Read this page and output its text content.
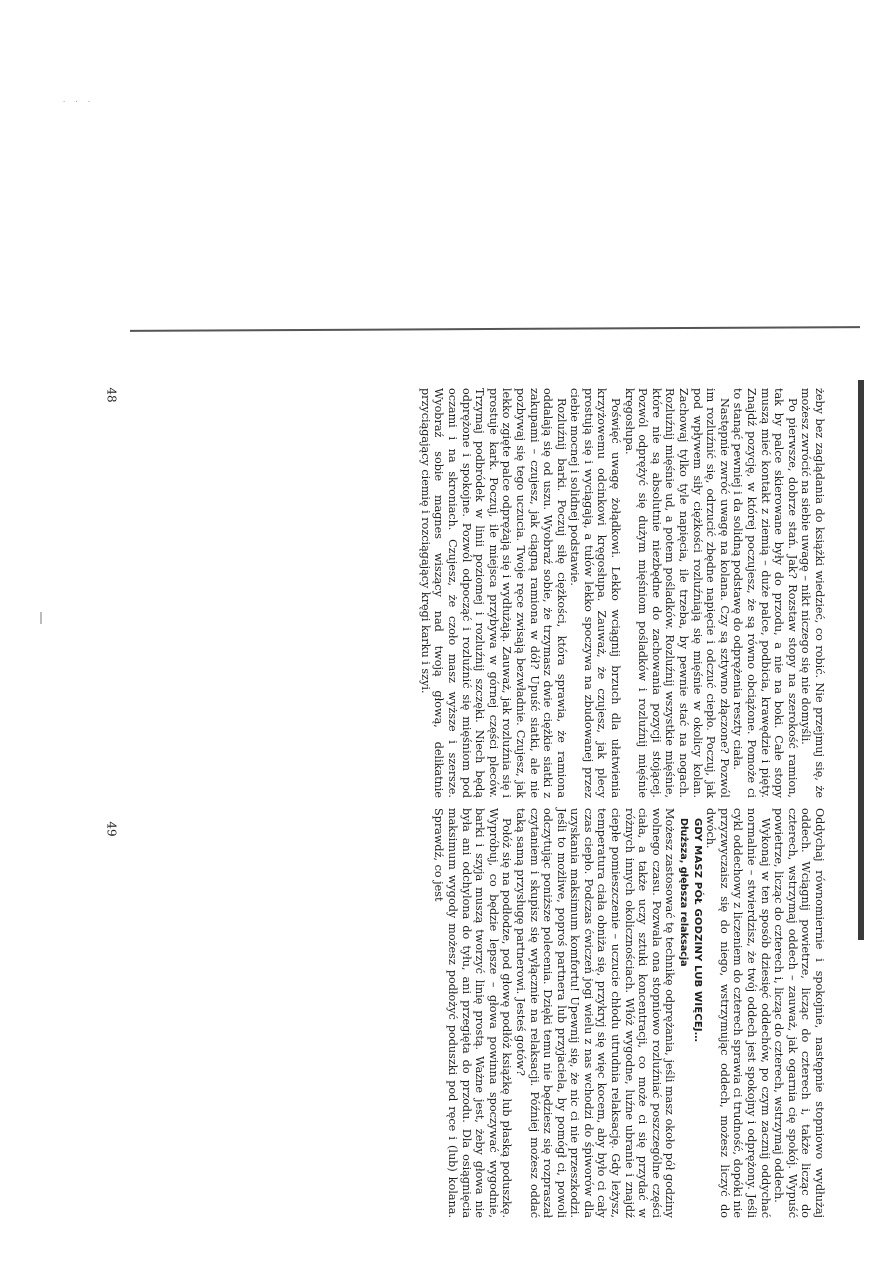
· · ·

żeby bez zaglądania do książki wiedzieć, co robić. Nie przejmuj się, że możesz zwrócić na siebie uwagę – nikt niczego się nie domyśli.

Po pierwsze, dobrze stań. Jak? Rozstaw stopy na szerokość ramion, tak by palce skierowane były do przodu, a nie na boki. Całe stopy muszą mieć kontakt z ziemią – duże palce, podbicia, krawędzie i pięty. Znajdź pozycję, w której poczujesz, że są równo obciążone. Pomoże ci to stanąć pewniej i da solidną podstawę do odprężenia reszty ciała.

Następnie zwróć uwagę na kolana. Czy są sztywno złączone? Pozwól im rozluźnić się, odrzucić zbędne napięcie i odczuć ciepło. Poczuj, jak pod wpływem siły ciężkości rozluźniają się mięśnie w okolicy kolan. Zachowaj tylko tyle napięcia, ile trzeba, by pewnie stać na nogach. Rozluźnij mięśnie ud, a potem pośladków. Rozluźnij wszystkie mięśnie, które nie są absolutnie niezbędne do zachowania pozycji stojącej. Pozwól odprężyć się dużym mięśniom pośladków i rozluźnij mięśnie kręgosłupa.

Poświęć uwagę żołądkowi. Lekko wciągnij brzuch dla ułatwienia krzyżowemu odcinkowi kręgosłupa. Zauważ, że czujesz, jak plecy prostują się i wyciągają, a tułów lekko spoczywa na zbudowanej przez ciebie mocnej i solidnej podstawie.

Rozluźnij barki. Poczuj siłę ciężkości, która sprawia, że ramiona oddalają się od uszu. Wyobraź sobie, że trzymasz dwie ciężkie siatki z zakupami – czujesz, jak ciągną ramiona w dół? Upuść siatki, ale nie pozbywaj się tego uczucia. Twoje ręce zwisają bezwładnie. Czujesz, jak lekko zgięte palce odprężają się i wydłużają. Zauważ, jak rozluźnia się i prostuje kark. Poczuj, ile miejsca przybywa w górnej części pleców. Trzymaj podbródek w linii poziomej i rozluźnij szczęki. Niech będą odprężone i spokojne. Pozwól odpocząć i rozluźnić się mięśniom pod oczami i na skroniach. Czujesz, że czoło masz wyższe i szersze. Wyobraź sobie magnes wiszący nad twoją głową, delikatnie przyciągający ciemię i rozciągający kręgi karku i szyi.

Oddychaj równomiernie i spokojnie, następnie stopniowo wydłużaj oddech. Wciągnij powietrze, licząc do czterech i, także licząc do czterech, wstrzymaj oddech – zauważ, jak ogarnia cię spokój. Wypuść powietrze, licząc do czterech i, licząc do czterech, wstrzymaj oddech.

Wykonaj w ten sposób dziesięć oddechów, po czym zacznij oddychać normalnie – stwierdzisz, że twój oddech jest spokojny i odprężony. Jeśli cykl oddechowy z liczeniem do czterech sprawia ci trudność, dopóki nie przyzwyczaisz się do niego, wstrzymując oddech, możesz liczyć do dwóch.

GDY MASZ PÓŁ GODZINY LUB WIĘCEJ…

Dłuższa, głębsza relaksacja

Możesz zastosować tę technikę odprężania, jeśli masz około pół godziny wolnego czasu. Pozwala ona stopniowo rozluźniać poszczególne części ciała, a także uczy sztuki koncentracji, co może ci się przydać w różnych innych okolicznościach. Włóż wygodne, luźne ubranie i znajdź ciepłe pomieszczenie – uczucie chłodu utrudnia relaksację. Gdy leżysz, temperatura ciała obniża się, przykryj się więc kocem, aby było ci cały czas ciepło. Podczas ćwiczeń jogi wielu z nas wchodzi do śpiworów dla uzyskania maksimum komfortu! Upewnij się, że nic ci nie przeszkodzi. Jeśli to możliwe, poproś partnera lub przyjaciela, by pomógł ci, powoli odczytując poniższe polecenia. Dzięki temu nie będziesz się rozpraszał czytaniem i skupisz się wyłącznie na relaksacji. Później możesz oddać taką samą przysługę partnerowi. Jesteś gotów?

Połóż się na podłodze, pod głowę podłóż książkę lub płaską poduszkę. Wypróbuj, co będzie lepsze – głowa powinna spoczywać wygodnie, barki i szyja muszą tworzyć linię prostą. Ważne jest, żeby głowa nie była ani odchylona do tyłu, ani przegięta do przodu. Dla osiągnięcia maksimum wygody możesz podłożyć poduszki pod ręce i (lub) kolana. Sprawdź, co jest

48
49
